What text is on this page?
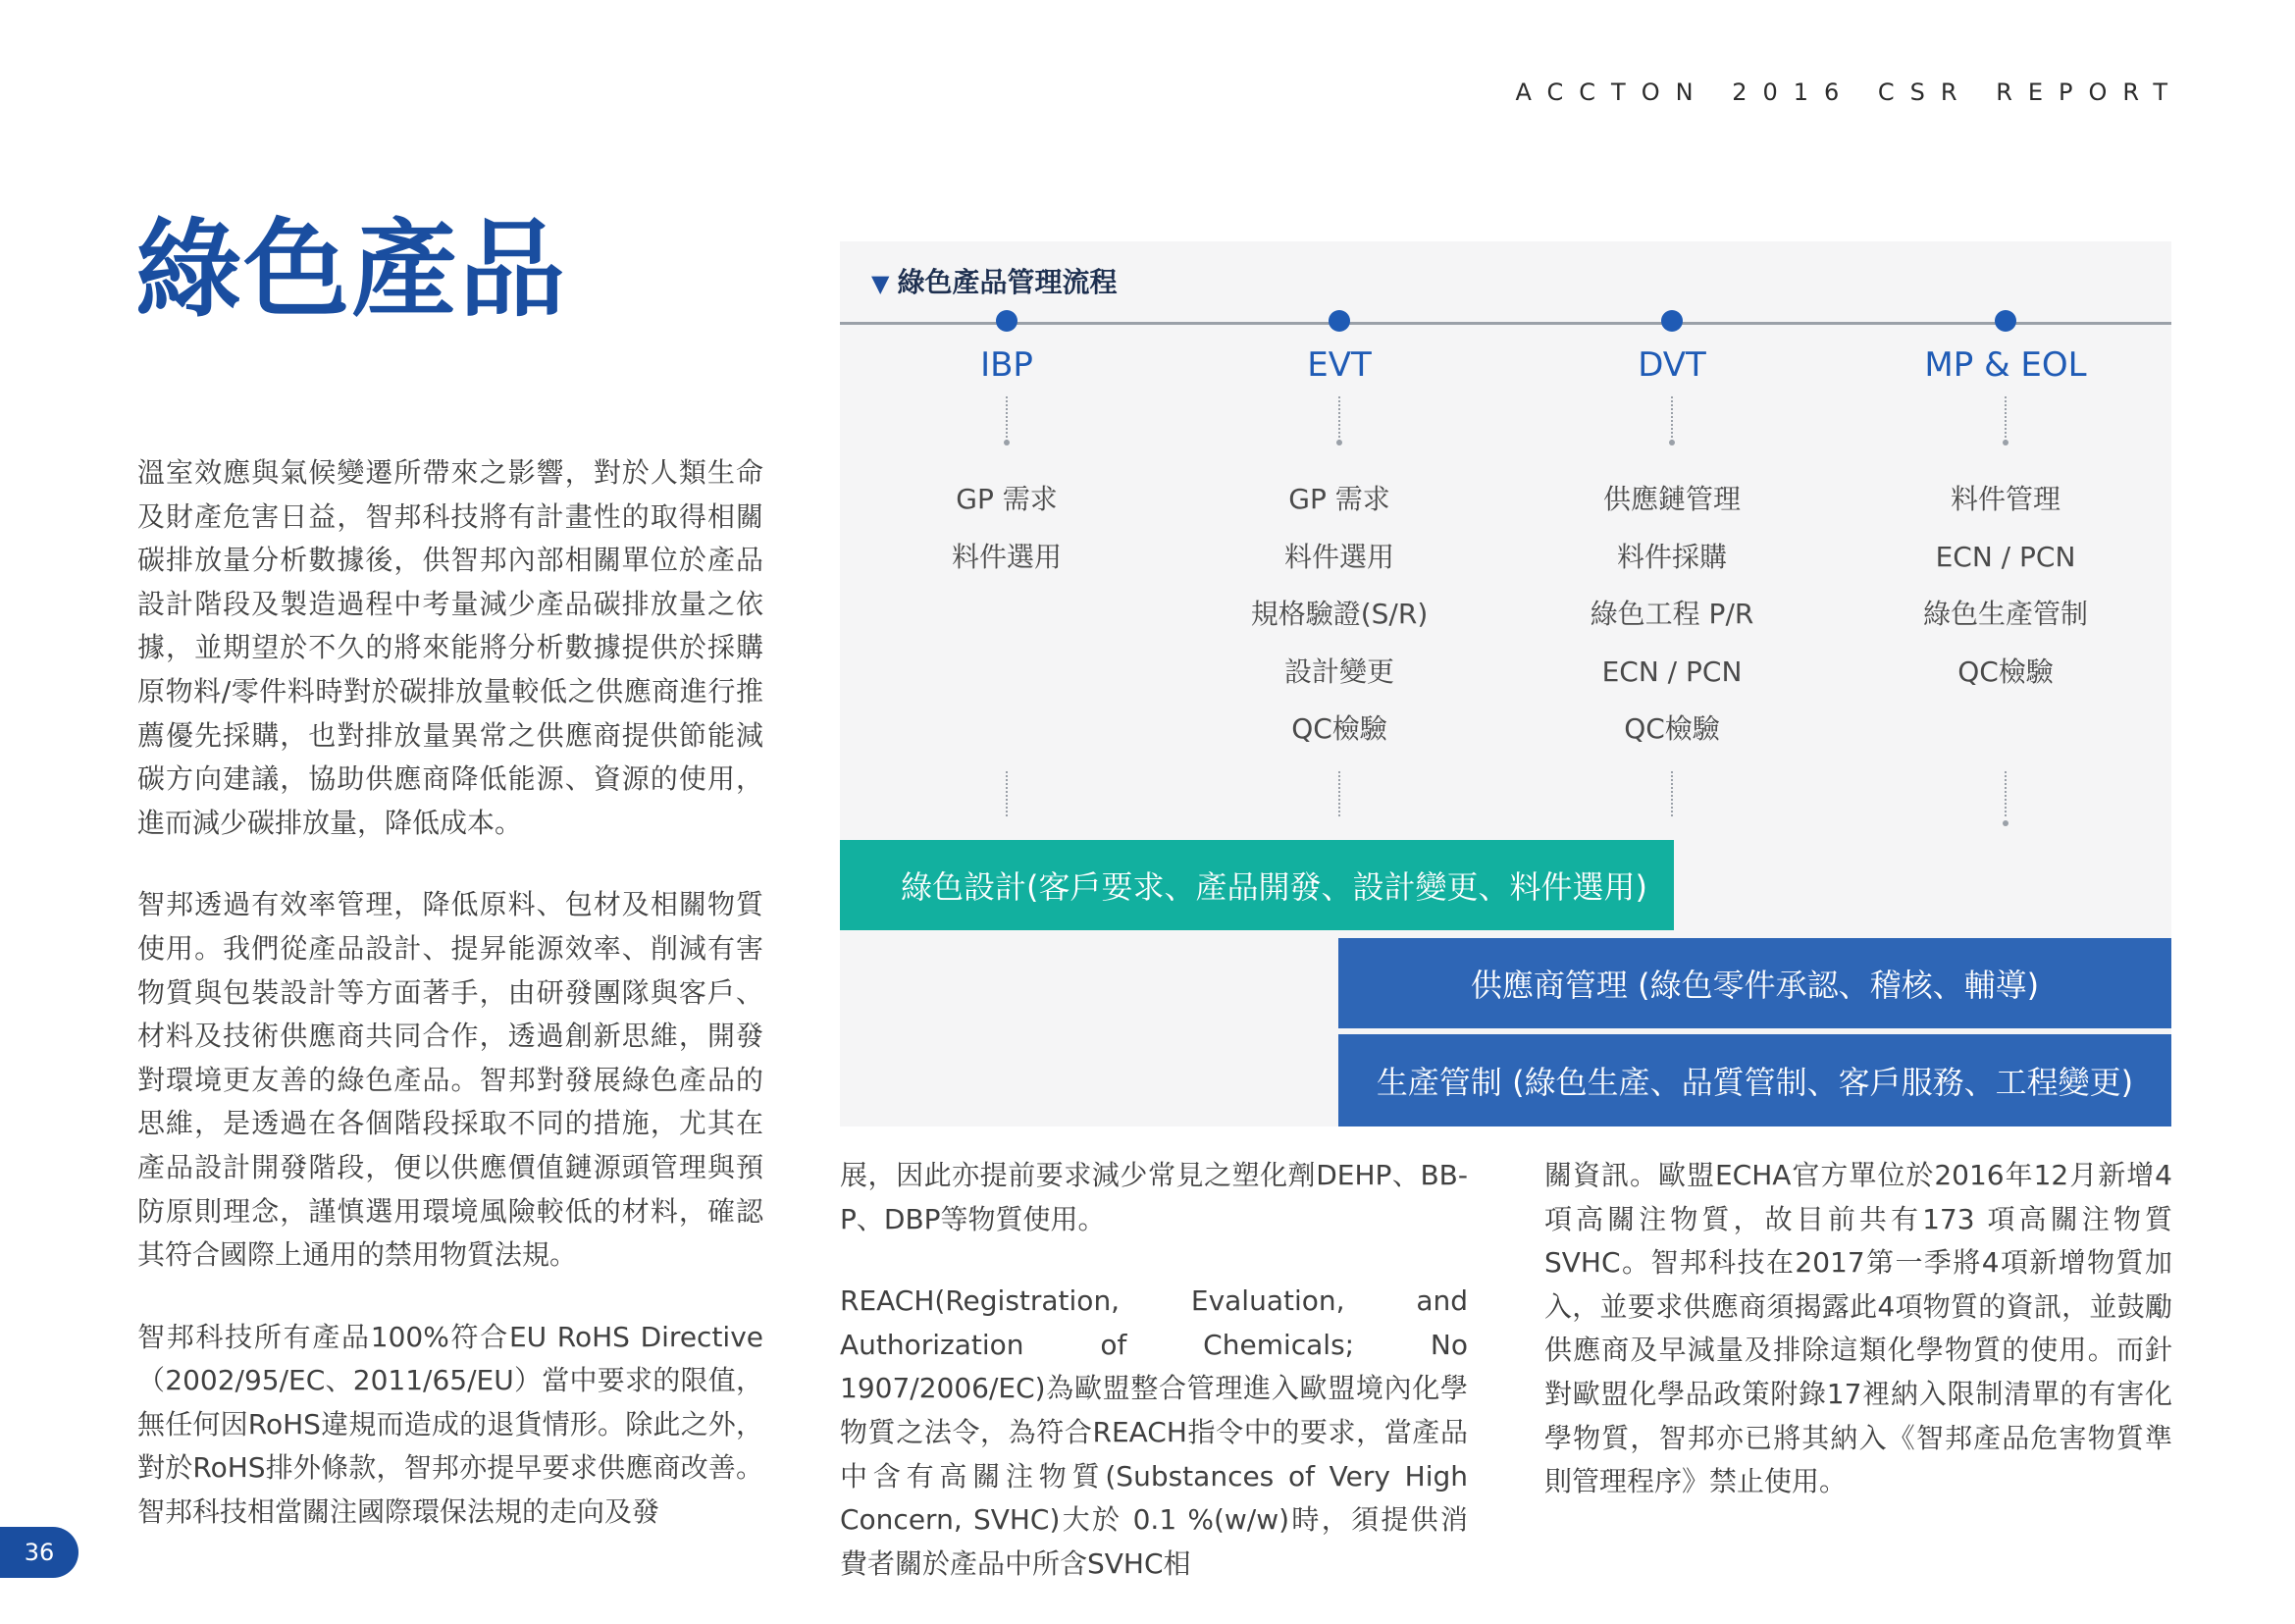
ACCTON 2016 CSR REPORT
綠色產品

溫室效應與氣候變遷所帶來之影響，對於人類生命及財產危害日益，智邦科技將有計畫性的取得相關碳排放量分析數據後，供智邦內部相關單位於產品設計階段及製造過程中考量減少產品碳排放量之依據，並期望於不久的將來能將分析數據提供於採購原物料/零件料時對於碳排放量較低之供應商進行推薦優先採購，也對排放量異常之供應商提供節能減碳方向建議，協助供應商降低能源、資源的使用，進而減少碳排放量，降低成本。

智邦透過有效率管理，降低原料、包材及相關物質使用。我們從產品設計、提昇能源效率、削減有害物質與包裝設計等方面著手，由研發團隊與客戶、材料及技術供應商共同合作，透過創新思維，開發對環境更友善的綠色產品。智邦對發展綠色產品的思維，是透過在各個階段採取不同的措施，尤其在產品設計開發階段，便以供應價值鏈源頭管理與預防原則理念，謹慎選用環境風險較低的材料，確認其符合國際上通用的禁用物質法規。

智邦科技所有產品100%符合EU RoHS Directive（2002/95/EC、2011/65/EU）當中要求的限值，無任何因RoHS違規而造成的退貨情形。除此之外，對於RoHS排外條款，智邦亦提早要求供應商改善。智邦科技相當關注國際環保法規的走向及發

▼ 綠色產品管理流程
IBP
GP 需求
料件選用
EVT
GP 需求
料件選用
規格驗證(S/R)
設計變更
QC檢驗
DVT
供應鏈管理
料件採購
綠色工程 P/R
ECN / PCN
QC檢驗
MP & EOL
料件管理
ECN / PCN
綠色生產管制
QC檢驗
綠色設計(客戶要求、產品開發、設計變更、料件選用)
供應商管理 (綠色零件承認、稽核、輔導)
生產管制 (綠色生產、品質管制、客戶服務、工程變更)

展，因此亦提前要求減少常見之塑化劑DEHP、BB-P、DBP等物質使用。

REACH(Registration, Evaluation, and Authorization of Chemicals; No 1907/2006/EC)為歐盟整合管理進入歐盟境內化學物質之法令，為符合REACH指令中的要求，當產品中含有高關注物質(Substances of Very High Concern, SVHC)大於 0.1 %(w/w)時，須提供消費者關於產品中所含SVHC相

關資訊。歐盟ECHA官方單位於2016年12月新增4項高關注物質，故目前共有173 項高關注物質SVHC。智邦科技在2017第一季將4項新增物質加入，並要求供應商須揭露此4項物質的資訊，並鼓勵供應商及早減量及排除這類化學物質的使用。而針對歐盟化學品政策附錄17裡納入限制清單的有害化學物質，智邦亦已將其納入《智邦產品危害物質準則管理程序》禁止使用。

36
